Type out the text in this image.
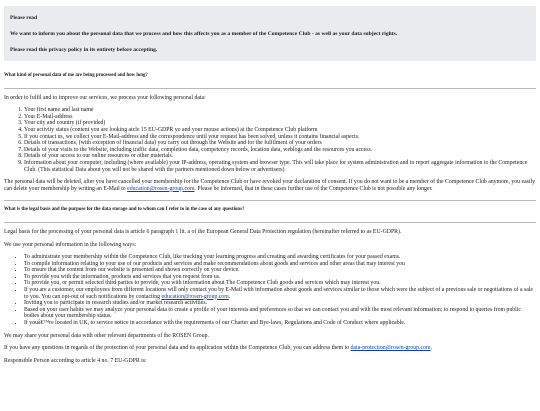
Please read

We want to inform you about the personal data that we process and how this affects you as a member of the Competence Club - as well as your data subject rights.

Please read this privacy policy in its entirety before accepting.

What kind of personal data of me are being processed and how long?

In order to fulfil and to improve our services, we process your following personal data:

1. Your first name and last name
2. Your E-Mail-address
3. Your city and country (if provided)
4. Your activity status (content you are looking atcle 15 EU-GDPR yo and your mouse actions) at the Competence Club platform
5. If you contact us, we collect your E-Mail-address and the correspondence until your request has been solved, unless it contains financial aspects.
6. Details of transactions, (with exception of financial data) you carry out through the Website and for the fulfilment of your orders
7. Details of your visits to the Website, including traffic data, completion data, competency records, location data, weblogs and the resources you access.
8. Details of your access to our online resources or other materials.
9. Information about your computer, including (where available) your IP-address, operating system and browser type. This will take place for system administration and to report aggregate information to the Competence Club. (This statistical Data about you will not be shared with the partners mentioned down below or advertisers)

The personal data will be deleted, after you have cancelled your membership for the Competence Club or have revoked your declaration of consent. If you do not want to be a member of the Competence Club anymore, you easily can delete your membership by writing an E-Mail to education@rosen-group.com. Please be informed, that in these cases further use of the Competence Club is not possible any longer.

What is the legal basis and the purpose for the data storage and to whom can I refer to in the case of any questions?

Legal basis for the processing of your personal data is article 6 paragraph 1 lit. a of the European General Data Protection regulation (hereinafter referred to as EU-GDPR).

We use your personal information in the following ways:

• To administrate your membership within the Competence Club, like tracking your learning progress and creating and awarding certificates for your passed exams.
• To compile information relating to your use of our products and services and make recommendations about goods and services and other areas that may interest you
• To ensure that the content from our website is presented and shown correctly on your device.
• To provide you with the information, products and services that you request from us.
• To provide you, or permit selected third parties to provide, you with information about The Competence Club goods and services which may interest you.
• If you are a customer, our employees from different locations will only contact you by E-Mail with information about goods and services similar to those which were the subject of a previous sale or negotiations of a sale to you. You can opt-out of such notifications by contacting education@rosen-group.com.
• Inviting you to participate in research studies and/or market research activities.
• Based on your user habits we may analyze your personal data to create a profile of your interests and preferences so that we can contact you and with the most relevant information; to respond to queries from public bodies about your membership status.
• If youâ€™re located in UK, to service notice in accordance with the requirements of our Charter and Bye-laws, Regulations and Code of Conduct where applicable.

We may share your personal data with other relevant departments of the ROSEN Group.

If you have any questions in regards of the protection of your personal data and its application within the Competence Club, you can address them to data-protection@rosen-group.com.

Responsible Person according to article 4 no. 7 EU-GDPR is:
